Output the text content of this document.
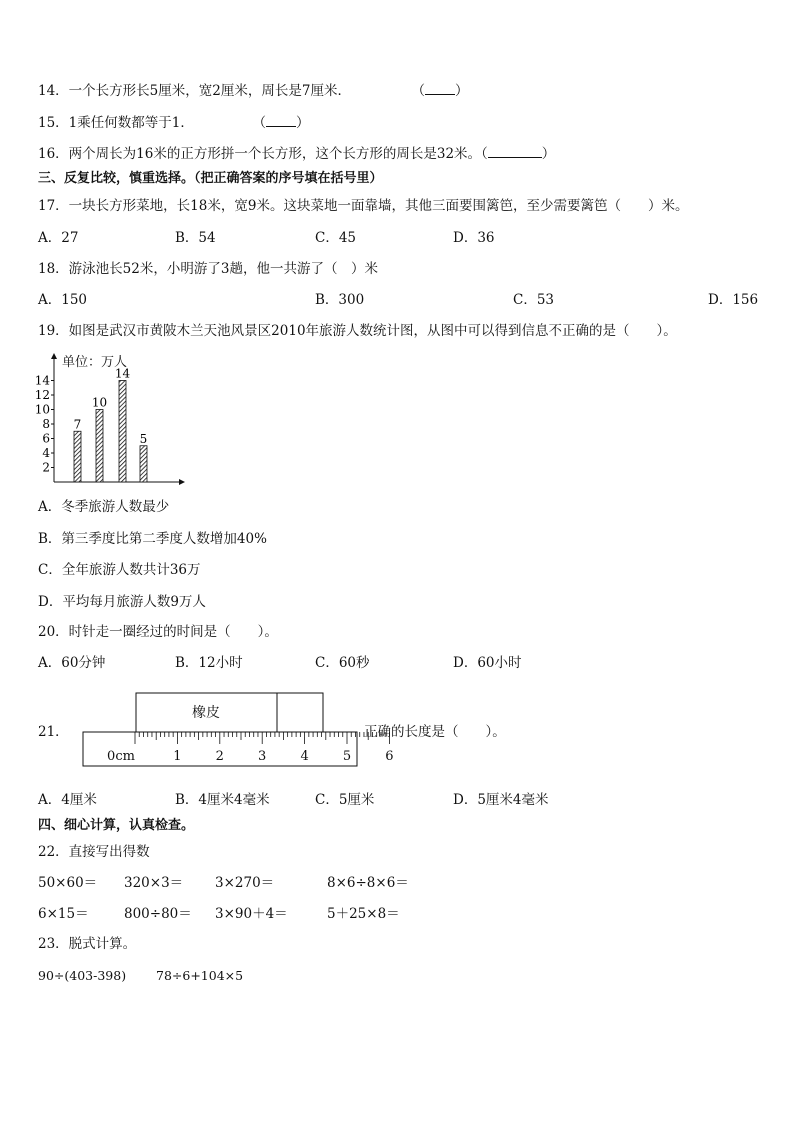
14．一个长方形长5厘米，宽2厘米，周长是7厘米．	（ ）
15．1乘任何数都等于1．	（ ）
16．两个周长为16米的正方形拼一个长方形，这个长方形的周长是32米。（	）
三、反复比较，慎重选择。（把正确答案的序号填在括号里）
17．一块长方形菜地，长18米，宽9米。这块菜地一面靠墙，其他三面要围篱笆，至少需要篱笆（　　）米。
A．27	B．54	C．45	D．36
18．游泳池长52米，小明游了3趟，他一共游了（　）米
A．150	B．300	C．53	D．156
19．如图是武汉市黄陂木兰天池风景区2010年旅游人数统计图，从图中可以得到信息不正确的是（　　）。
单位：万人
2
4
6
8
10
12
14
7
10
14
5
A．冬季旅游人数最少
B．第三季度比第二季度人数增加40%
C．全年旅游人数共计36万
D．平均每月旅游人数9万人
20．时针走一圈经过的时间是（　　）。
A．60分钟	B．12小时	C．60秒	D．60小时
21．
橡皮
0cm	1	2	3	4	5	6
正确的长度是（　　）。
A．4厘米	B．4厘米4毫米	C．5厘米	D．5厘米4毫米
四、细心计算，认真检查。
22．直接写出得数
50×60＝ 320×3＝ 3×270＝	8×6÷8×6＝
6×15＝	800÷80＝ 3×90＋4＝	5＋25×8＝
23．脱式计算。
90÷(403-398) 78÷6+104×5
